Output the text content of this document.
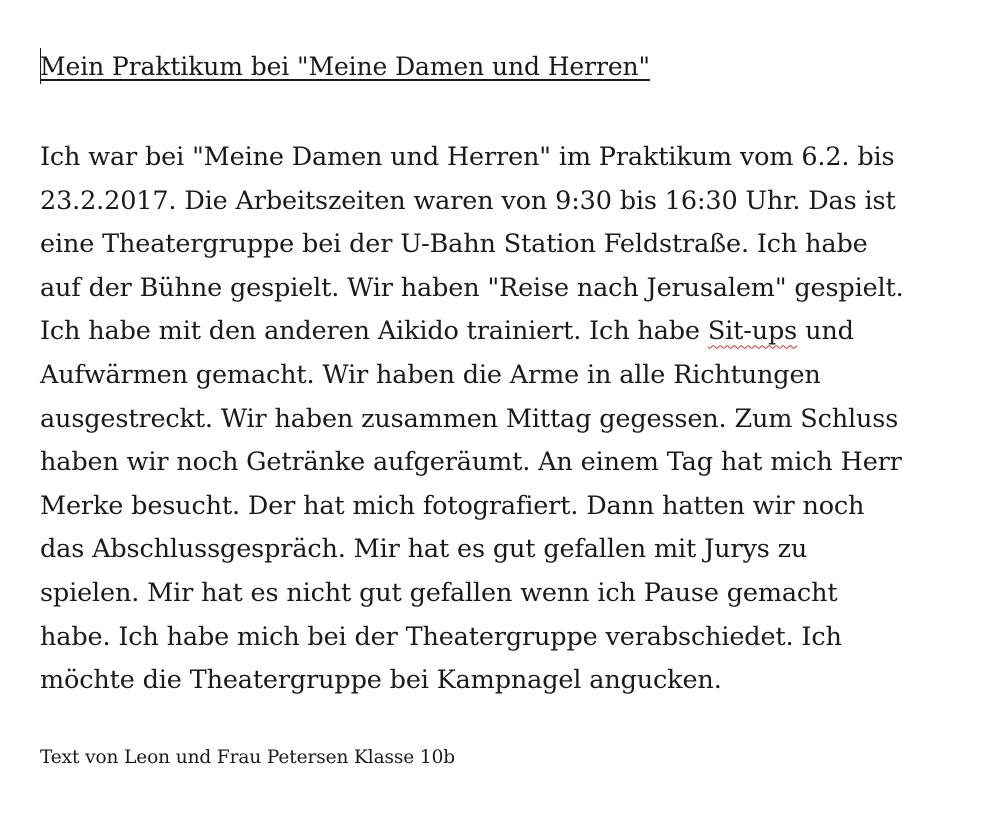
Mein Praktikum bei "Meine Damen und Herren"
Ich war bei "Meine Damen und Herren" im Praktikum vom 6.2. bis
23.2.2017. Die Arbeitszeiten waren von 9:30 bis 16:30 Uhr. Das ist
eine Theatergruppe bei der U-Bahn Station Feldstraße. Ich habe
auf der Bühne gespielt. Wir haben "Reise nach Jerusalem" gespielt.
Ich habe mit den anderen Aikido trainiert. Ich habe Sit-ups und
Aufwärmen gemacht. Wir haben die Arme in alle Richtungen
ausgestreckt. Wir haben zusammen Mittag gegessen. Zum Schluss
haben wir noch Getränke aufgeräumt. An einem Tag hat mich Herr
Merke besucht. Der hat mich fotografiert. Dann hatten wir noch
das Abschlussgespräch. Mir hat es gut gefallen mit Jurys zu
spielen. Mir hat es nicht gut gefallen wenn ich Pause gemacht
habe. Ich habe mich bei der Theatergruppe verabschiedet. Ich
möchte die Theatergruppe bei Kampnagel angucken.
Text von Leon und Frau Petersen Klasse 10b
